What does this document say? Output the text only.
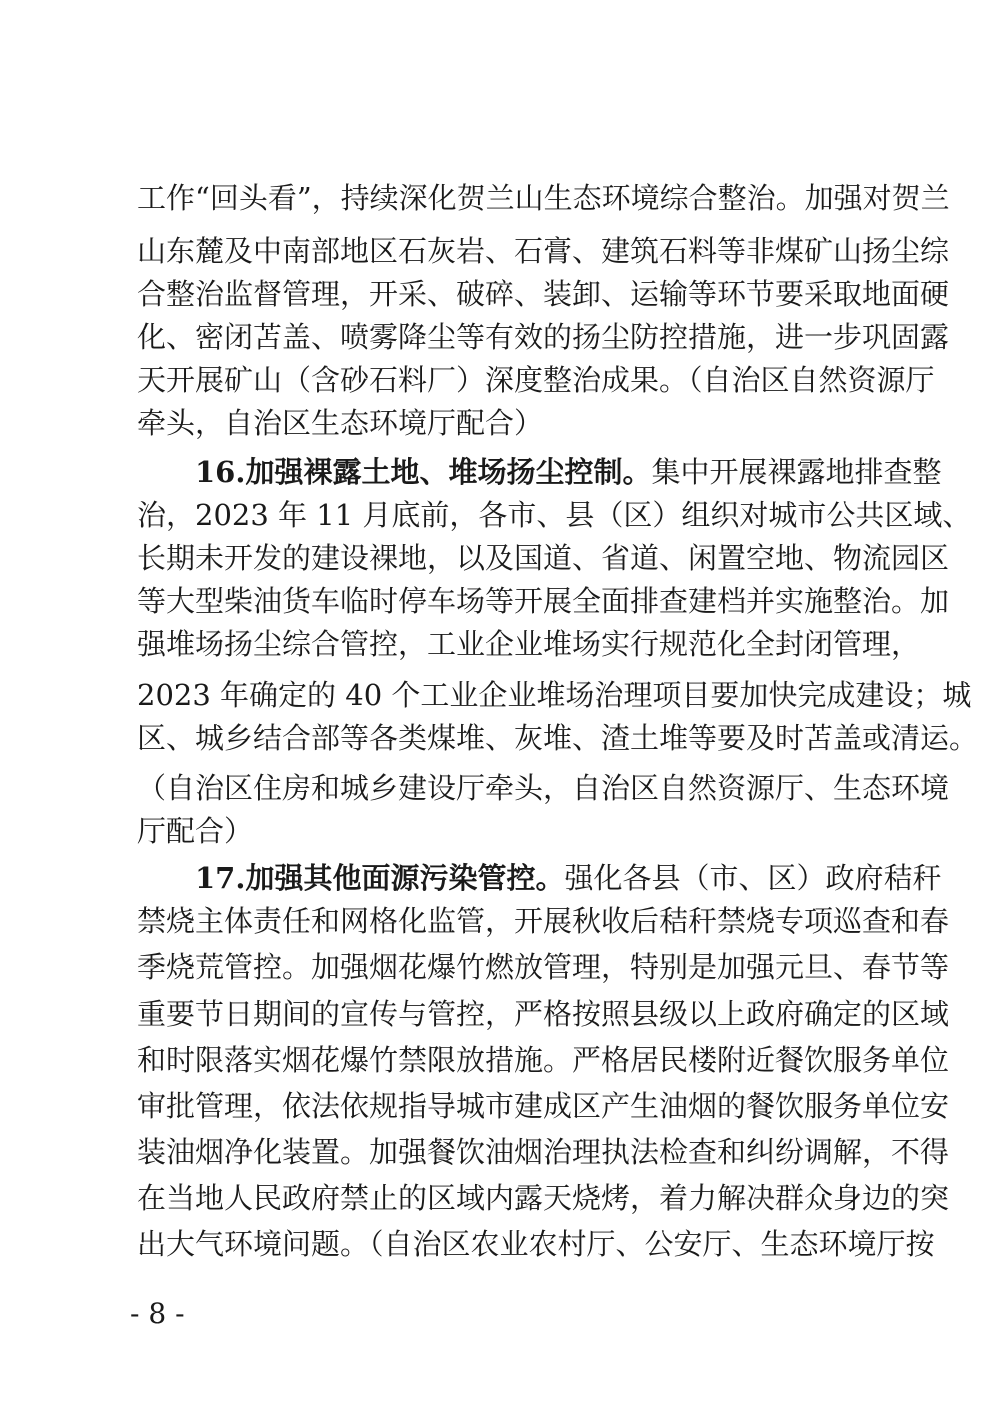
工作“回头看”，持续深化贺兰山生态环境综合整治。加强对贺兰
山东麓及中南部地区石灰岩、石膏、建筑石料等非煤矿山扬尘综
合整治监督管理，开采、破碎、装卸、运输等环节要采取地面硬
化、密闭苫盖、喷雾降尘等有效的扬尘防控措施，进一步巩固露
天开展矿山（含砂石料厂）深度整治成果。（自治区自然资源厅
牵头，自治区生态环境厅配合）
16.加强裸露土地、堆场扬尘控制。集中开展裸露地排查整
治，2023 年 11 月底前，各市、县（区）组织对城市公共区域、
长期未开发的建设裸地，以及国道、省道、闲置空地、物流园区
等大型柴油货车临时停车场等开展全面排查建档并实施整治。加
强堆场扬尘综合管控，工业企业堆场实行规范化全封闭管理，
2023 年确定的 40 个工业企业堆场治理项目要加快完成建设；城
区、城乡结合部等各类煤堆、灰堆、渣土堆等要及时苫盖或清运。
（自治区住房和城乡建设厅牵头，自治区自然资源厅、生态环境
厅配合）
17.加强其他面源污染管控。强化各县（市、区）政府秸秆
禁烧主体责任和网格化监管，开展秋收后秸秆禁烧专项巡查和春
季烧荒管控。加强烟花爆竹燃放管理，特别是加强元旦、春节等
重要节日期间的宣传与管控，严格按照县级以上政府确定的区域
和时限落实烟花爆竹禁限放措施。严格居民楼附近餐饮服务单位
审批管理，依法依规指导城市建成区产生油烟的餐饮服务单位安
装油烟净化装置。加强餐饮油烟治理执法检查和纠纷调解，不得
在当地人民政府禁止的区域内露天烧烤，着力解决群众身边的突
出大气环境问题。（自治区农业农村厅、公安厅、生态环境厅按
- 8 -
